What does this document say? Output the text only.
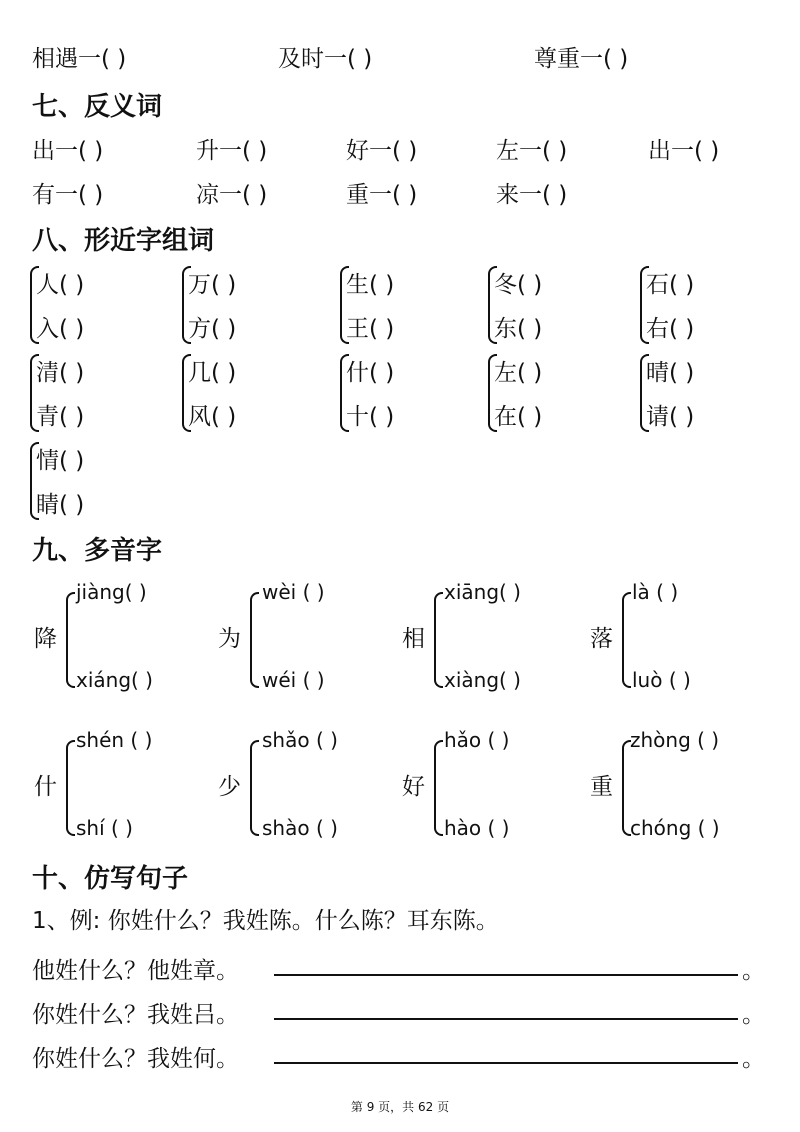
相遇一( )	及时一( )	尊重一( )
七、反义词
出一( )	升一( )	好一( )	左一( )	出一( )
有一( )	凉一( )	重一( )	来一( )
八、形近字组词
人( )
入( )
万( )
方( )
生( )
王( )
冬( )
东( )
石( )
右( )
清( )
青( )
几( )
风( )
什( )
十( )
左( )
在( )
晴( )
请( )
情( )
睛( )
九、多音字
降
jiàng( )
xiáng( )
为
wèi ( )
wéi ( )
相
xiāng( )
xiàng( )
落
là ( )
luò ( )
什
shén ( )
shí ( )
少
shǎo ( )
shào ( )
好
hǎo ( )
hào ( )
重
zhòng ( )
chóng ( )
十、仿写句子
1、例: 你姓什么？我姓陈。什么陈？耳东陈。
他姓什么？他姓章。	。
你姓什么？我姓吕。	。
你姓什么？我姓何。	。
第 9 页，共 62 页
